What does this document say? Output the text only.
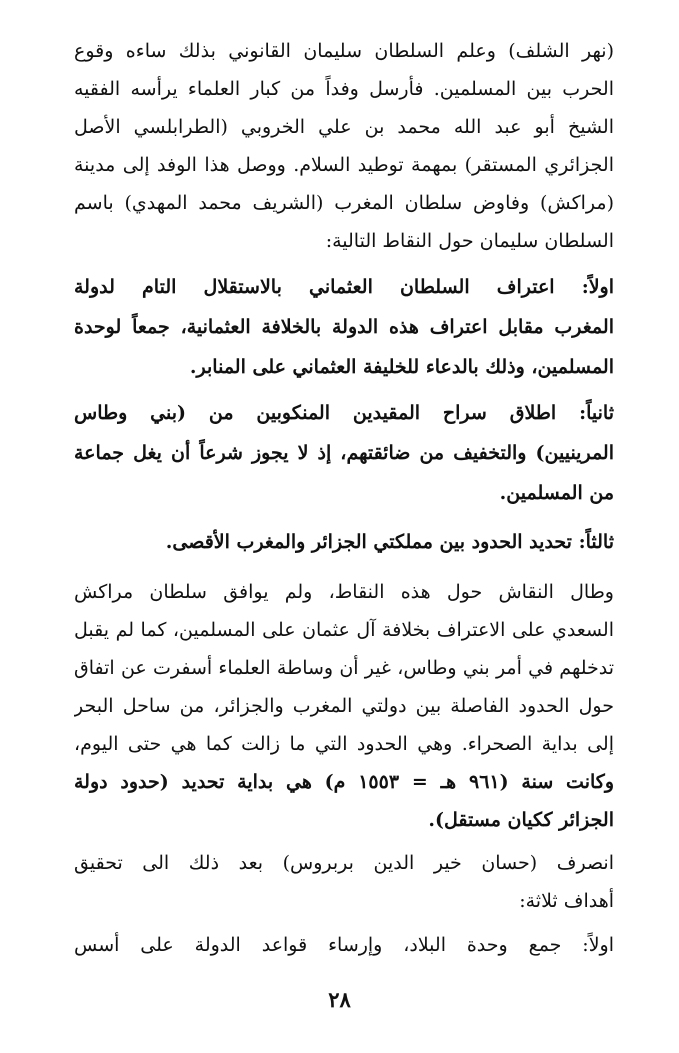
(نهر الشلف) وعلم السلطان سليمان القانوني بذلك ساءه وقوع
الحرب بين المسلمين. فأرسل وفداً من كبار العلماء يرأسه الفقيه
الشيخ أبو عبد الله محمد بن علي الخروبي (الطرابلسي الأصل
الجزائري المستقر) بمهمة توطيد السلام. ووصل هذا الوفد إلى مدينة
(مراكش) وفاوض سلطان المغرب (الشريف محمد المهدي) باسم
السلطان سليمان حول النقاط التالية:
اولاً: اعتراف السلطان العثماني بالاستقلال التام لدولة
المغرب مقابل اعتراف هذه الدولة بالخلافة العثمانية، جمعاً لوحدة
المسلمين، وذلك بالدعاء للخليفة العثماني على المنابر.
ثانياً: اطلاق سراح المقيدين المنكوبين من (بني وطاس
المرينيين) والتخفيف من ضائقتهم، إذ لا يجوز شرعاً أن يغل جماعة
من المسلمين.
ثالثاً: تحديد الحدود بين مملكتي الجزائر والمغرب الأقصى.
وطال النقاش حول هذه النقاط، ولم يوافق سلطان مراكش
السعدي على الاعتراف بخلافة آل عثمان على المسلمين، كما لم يقبل
تدخلهم في أمر بني وطاس، غير أن وساطة العلماء أسفرت عن اتفاق
حول الحدود الفاصلة بين دولتي المغرب والجزائر، من ساحل البحر
إلى بداية الصحراء. وهي الحدود التي ما زالت كما هي حتى اليوم،
وكانت سنة (٩٦١ هـ = ١٥٥٣ م) هي بداية تحديد (حدود دولة
الجزائر ككيان مستقل).
انصرف (حسان خير الدين بربروس) بعد ذلك الى تحقيق
أهداف ثلاثة:
اولاً: جمع وحدة البلاد، وإرساء قواعد الدولة على أسس
٢٨
